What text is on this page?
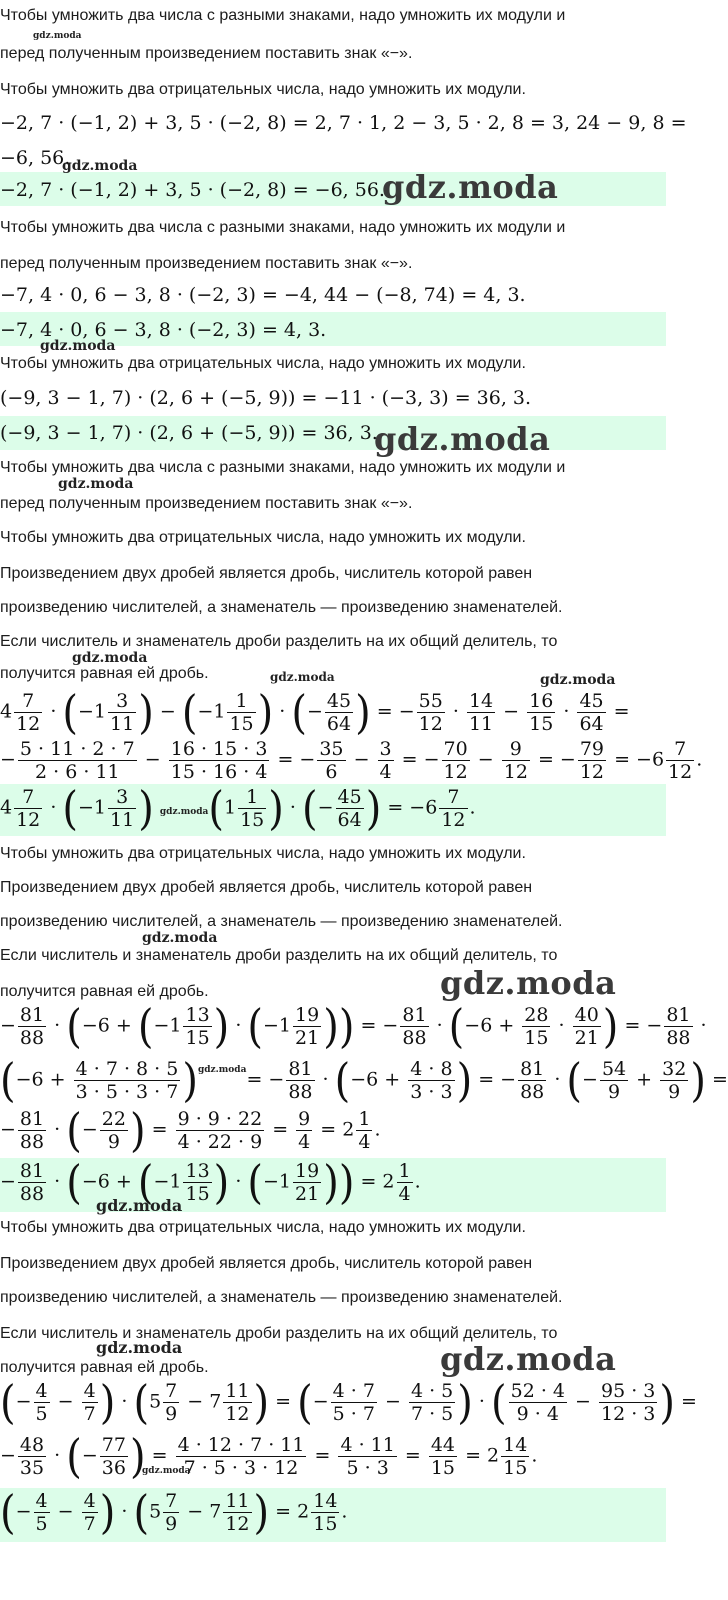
Чтобы умножить два числа с разными знаками, надо умножить их модули и
gdz.moda
перед полученным произведением поставить знак «−».
Чтобы умножить два отрицательных числа, надо умножить их модули.
−2, 7 · (−1, 2) + 3, 5 · (−2, 8) = 2, 7 · 1, 2 − 3, 5 · 2, 8 = 3, 24 − 9, 8 =
−6, 56.
gdz.moda
−2, 7 · (−1, 2) + 3, 5 · (−2, 8) = −6, 56.
gdz.moda
Чтобы умножить два числа с разными знаками, надо умножить их модули и
перед полученным произведением поставить знак «−».
−7, 4 · 0, 6 − 3, 8 · (−2, 3) = −4, 44 − (−8, 74) = 4, 3.
−7, 4 · 0, 6 − 3, 8 · (−2, 3) = 4, 3.
gdz.moda
Чтобы умножить два отрицательных числа, надо умножить их модули.
(−9, 3 − 1, 7) · (2, 6 + (−5, 9)) = −11 · (−3, 3) = 36, 3.
(−9, 3 − 1, 7) · (2, 6 + (−5, 9)) = 36, 3.
gdz.moda
Чтобы умножить два числа с разными знаками, надо умножить их модули и
gdz.moda
перед полученным произведением поставить знак «−».
Чтобы умножить два отрицательных числа, надо умножить их модули.
Произведением двух дробей является дробь, числитель которой равен
произведению числителей, а знаменатель — произведению знаменателей.
Если числитель и знаменатель дроби разделить на их общий делитель, то
gdz.moda
получится равная ей дробь.	gdz.moda	gdz.moda
$4 \frac{7}{12} \cdot (-1 \frac{3}{11}$ ) − ($-1 \frac{1}{15}$ ) · (− $\frac{45}{64}$ ) = − $\frac{55}{12} \cdot \frac{14}{11} - \frac{16}{15} \cdot \frac{45}{64}$ =
− $\frac{5 \cdot 11 \cdot 2 \cdot 7}{2 \cdot 6 \cdot 11} - \frac{16 \cdot 15 \cdot 3}{15 \cdot 16 \cdot 4}$ = − $\frac{35}{6} - \frac{3}{4}$ = − $\frac{70}{12} - \frac{9}{12}$ = − $\frac{79}{12} = -6 \frac{7}{12}$ .
$4 \frac{7}{12} \cdot (-1 \frac{3}{11}$ ) gdz.moda(1 $\frac{1}{15}$ ) · (− $\frac{45}{64}$ ) = $-6 \frac{7}{12}$ .
Чтобы умножить два отрицательных числа, надо умножить их модули.
Произведением двух дробей является дробь, числитель которой равен
произведению числителей, а знаменатель — произведению знаменателей.
gdz.moda
Если числитель и знаменатель дроби разделить на их общий делитель, то
получится равная ей дробь.	gdz.moda
− $\frac{81}{88} \cdot (-6 + (-1 \frac{13}{15}$ ) · ($-1 \frac{19}{21}$ )) = − $\frac{81}{88} \cdot (-6 + \frac{28}{15} \cdot \frac{40}{21}$ ) = − $\frac{81}{88}$ ·
$(-6 + \frac{4 \cdot 7 \cdot 8 \cdot 5}{3 \cdot 5 \cdot 3 \cdot 7} )^{gdz.moda}= - \frac{81}{88} \cdot (-6 + \frac{4 \cdot 8}{3 \cdot 3}$ ) = − $\frac{81}{88}$ · (− $\frac{54}{9} + \frac{32}{9}$ ) =
− $\frac{81}{88}$ · (− $\frac{22}{9}$ ) = $\frac{9 \cdot 9 \cdot 22}{4 \cdot 22 \cdot 9} = \frac{9}{4} = 2 \frac{1}{4}$ .
− $\frac{81}{88} \cdot (-6 + (-1 \frac{13}{15}$ ) · ($-1 \frac{19}{21}$ )) = $2 \frac{1}{4}$ .
gdz.moda
Чтобы умножить два отрицательных числа, надо умножить их модули.
Произведением двух дробей является дробь, числитель которой равен
произведению числителей, а знаменатель — произведению знаменателей.
Если числитель и знаменатель дроби разделить на их общий делитель, то
gdz.moda
получится равная ей дробь.	gdz.moda
(− $\frac{4}{5} - \frac{4}{7}$ ) · ($5 \frac{7}{9} - 7 \frac{11}{12}$ ) = (− $\frac{4 \cdot 7}{5 \cdot 7} - \frac{4 \cdot 5}{7 \cdot 5}$ ) · ( $\frac{52 \cdot 4}{9 \cdot 4} - \frac{95 \cdot 3}{12 \cdot 3}$ ) =
− $\frac{48}{35}$ · (− $\frac{77}{36}$ ) = $\frac{4 \cdot 12 \cdot 7 \cdot 11}{7 \cdot 5 \cdot 3 \cdot 12} = \frac{4 \cdot 11}{5 \cdot 3} = \frac{44}{15} = 2 \frac{14}{15}$ .
gdz.moda
(− $\frac{4}{5} - \frac{4}{7}$ ) · ($5 \frac{7}{9} - 7 \frac{11}{12}$ ) = $2 \frac{14}{15}$ .
